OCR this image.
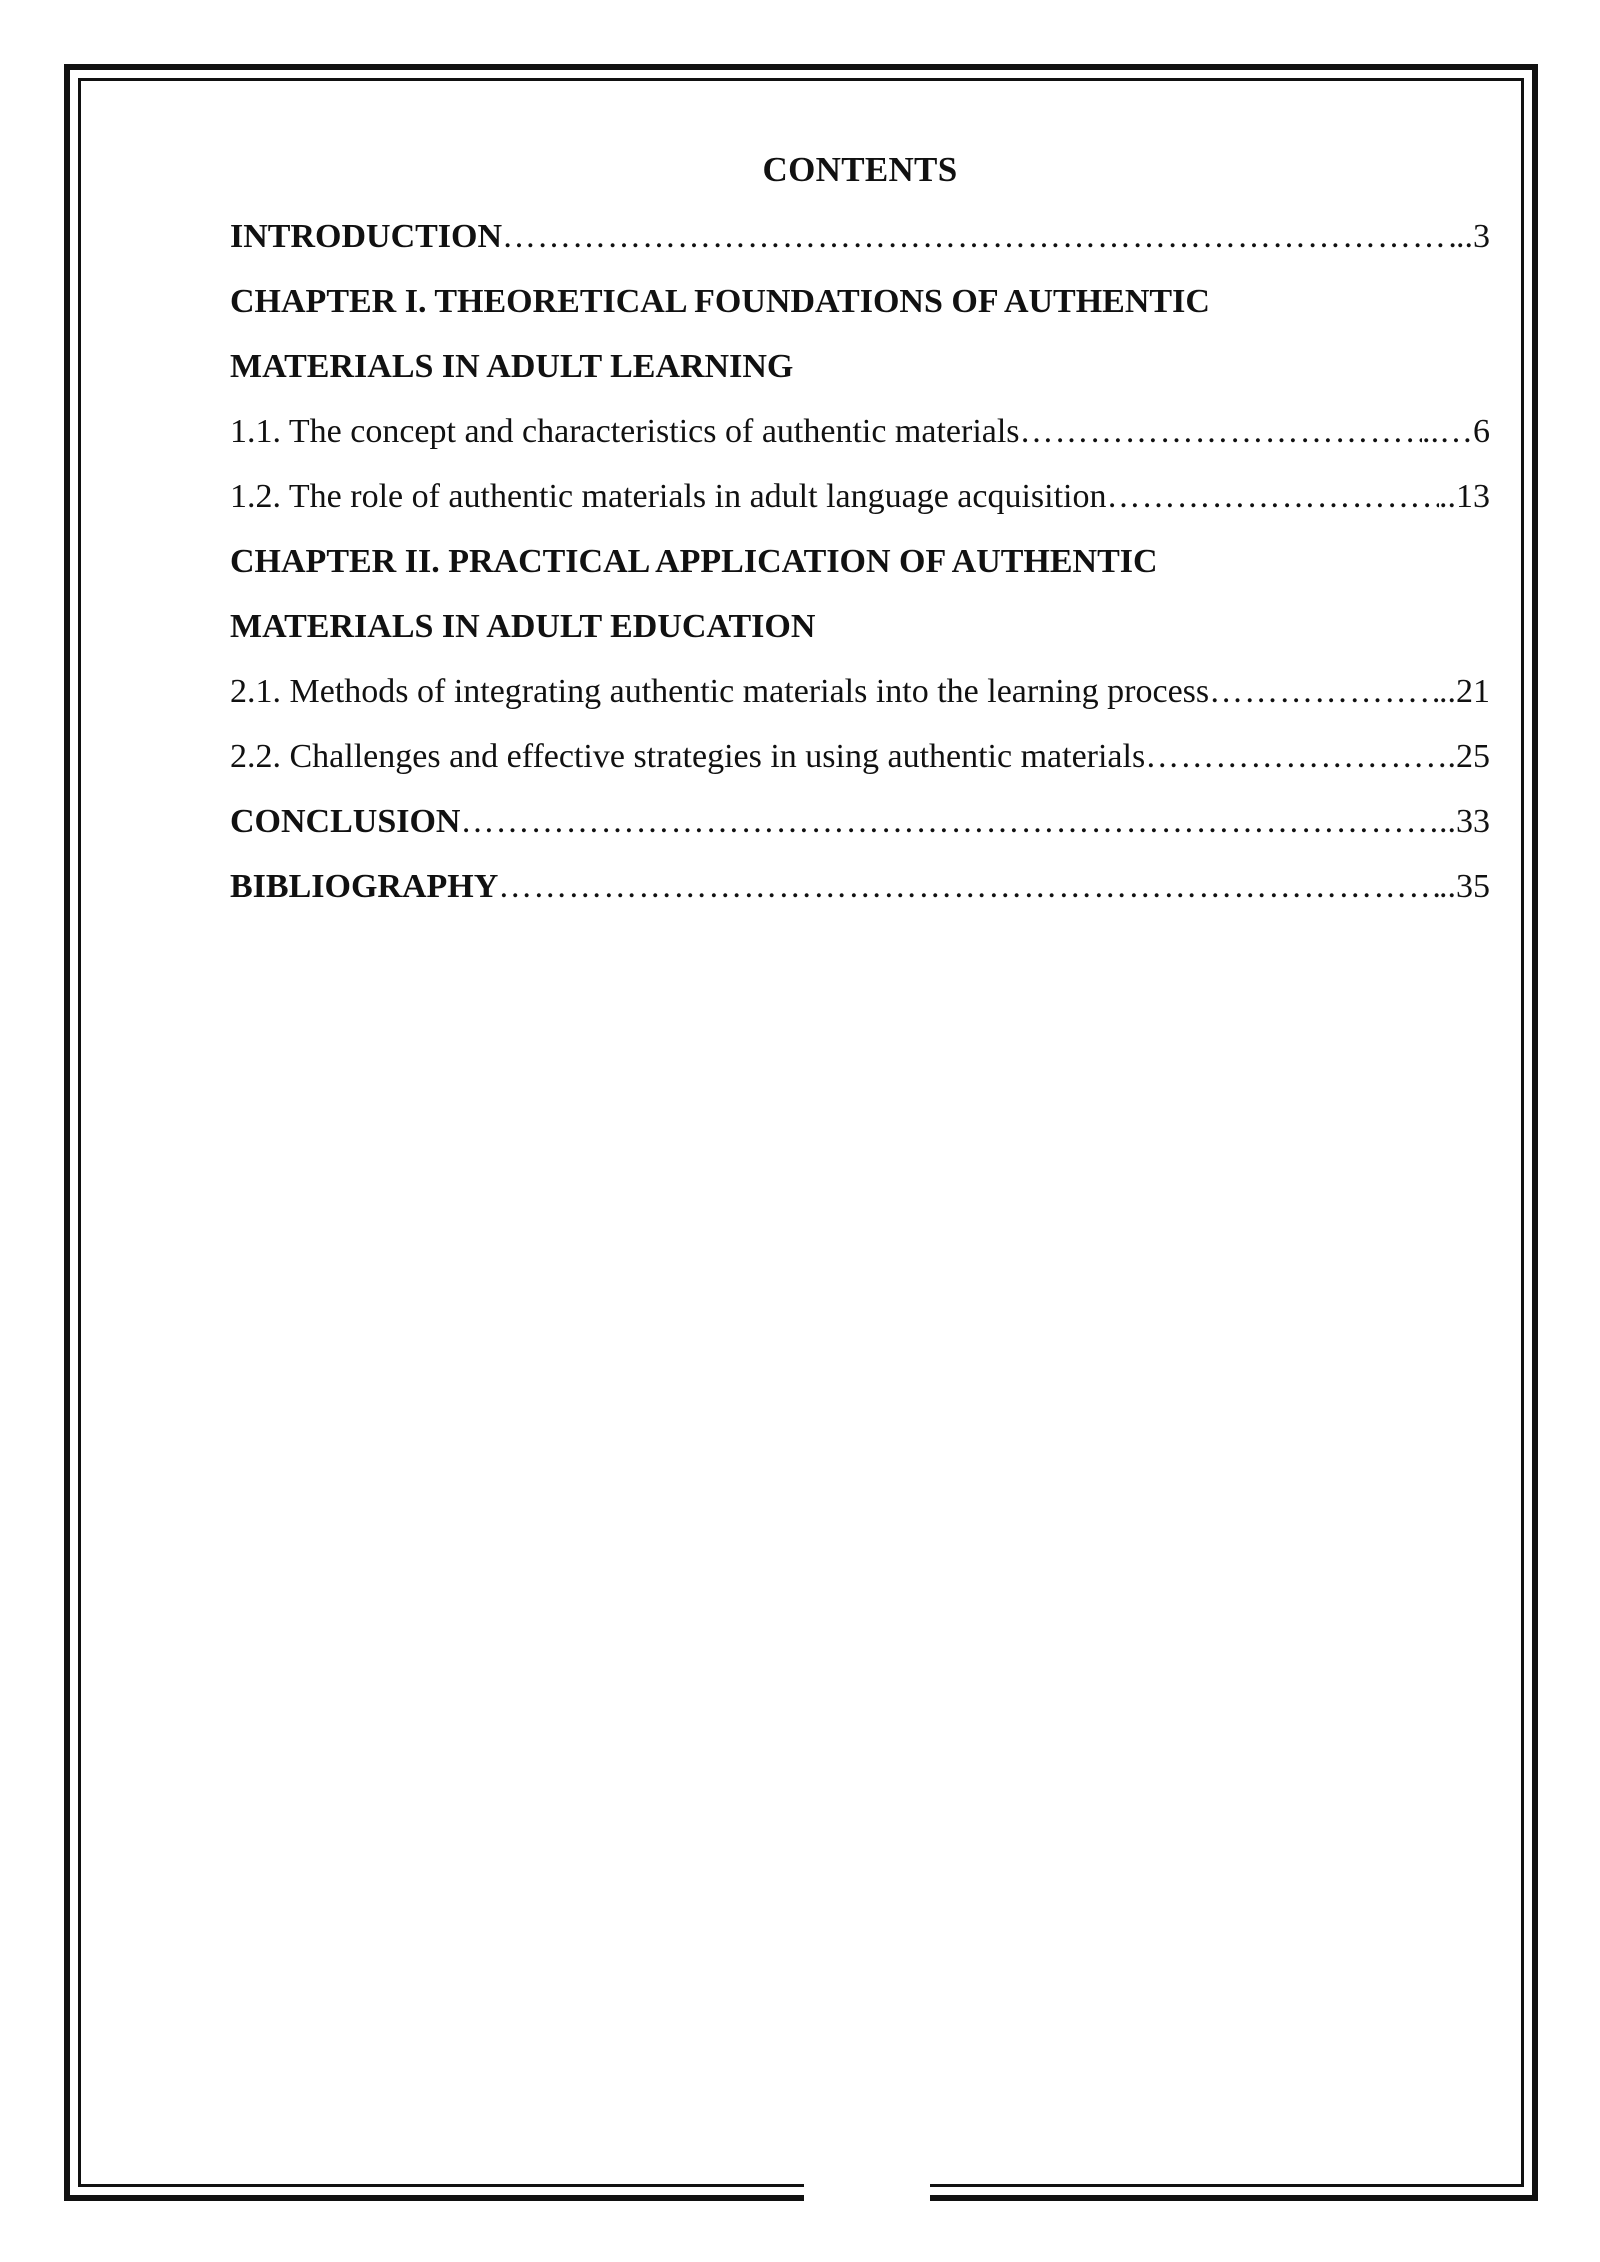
CONTENTS
INTRODUCTION ……………………………………………………………………………………………………………………………………………	..3
CHAPTER I. THEORETICAL FOUNDATIONS OF AUTHENTIC
MATERIALS IN ADULT LEARNING
1.1. The concept and characteristics of authentic materials ……………………………………………………………………………………………………………………………………………	..…6
1.2. The role of authentic materials in adult language acquisition ……………………………………………………………………………………………………………………………………………	..13
CHAPTER II. PRACTICAL APPLICATION OF AUTHENTIC
MATERIALS IN ADULT EDUCATION
2.1. Methods of integrating authentic materials into the learning process ……………………………………………………………………………………………………………………………………………	..21
2.2. Challenges and effective strategies in using authentic materials ……………………………………………………………………………………………………………………………………………	.25
CONCLUSION ……………………………………………………………………………………………………………………………………………	..33
BIBLIOGRAPHY ……………………………………………………………………………………………………………………………………………	..35
